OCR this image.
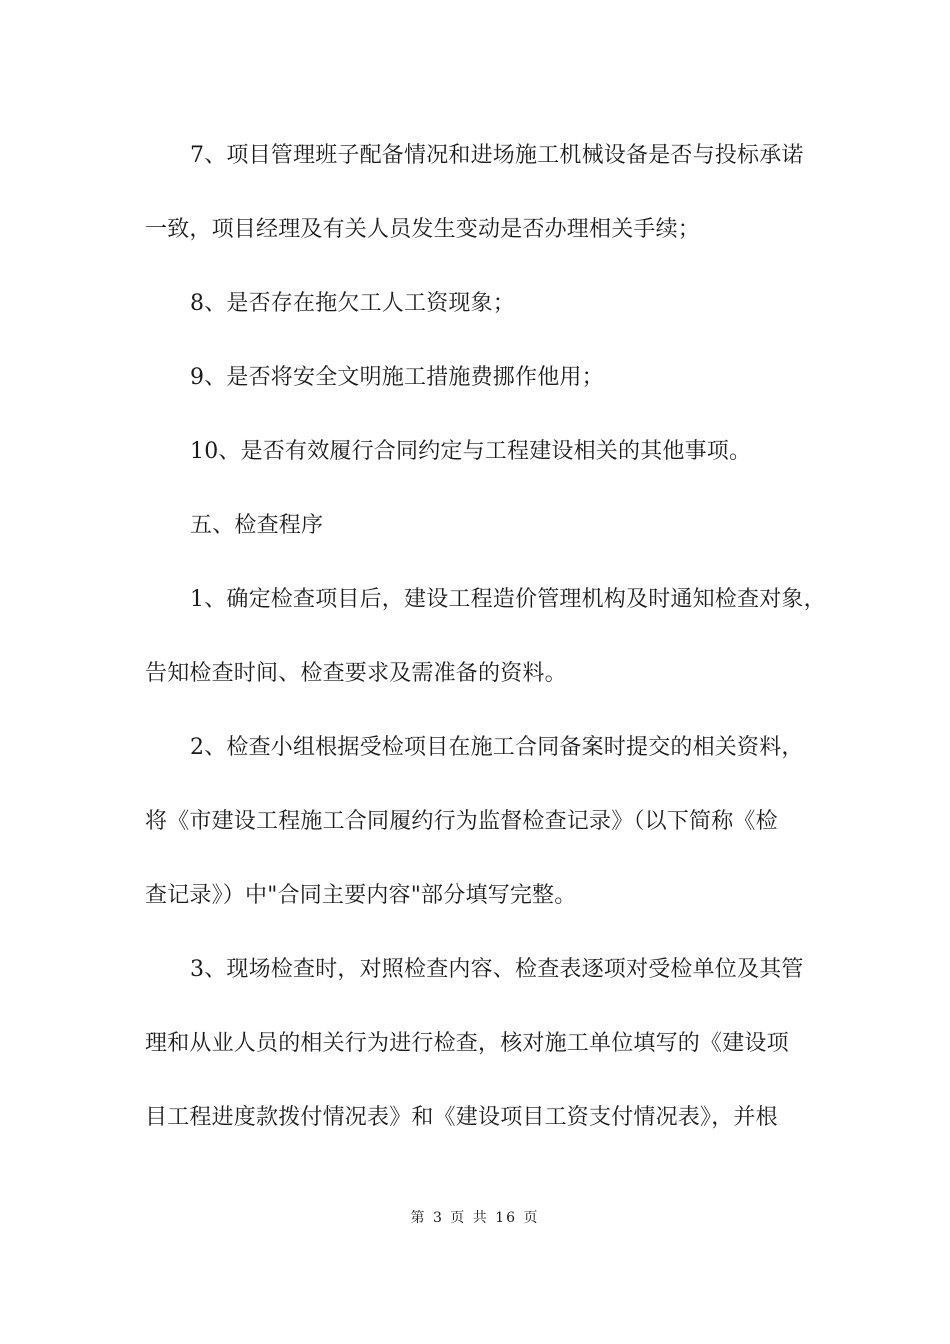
7、项目管理班子配备情况和进场施工机械设备是否与投标承诺
一致，项目经理及有关人员发生变动是否办理相关手续；
8、是否存在拖欠工人工资现象；
9、是否将安全文明施工措施费挪作他用；
10、是否有效履行合同约定与工程建设相关的其他事项。
五、检查程序
1、确定检查项目后，建设工程造价管理机构及时通知检查对象，
告知检查时间、检查要求及需准备的资料。
2、检查小组根据受检项目在施工合同备案时提交的相关资料，
将《市建设工程施工合同履约行为监督检查记录》（以下简称《检
查记录》）中"合同主要内容"部分填写完整。
3、现场检查时，对照检查内容、检查表逐项对受检单位及其管
理和从业人员的相关行为进行检查，核对施工单位填写的《建设项
目工程进度款拨付情况表》和《建设项目工资支付情况表》，并根
第 3 页 共 16 页
